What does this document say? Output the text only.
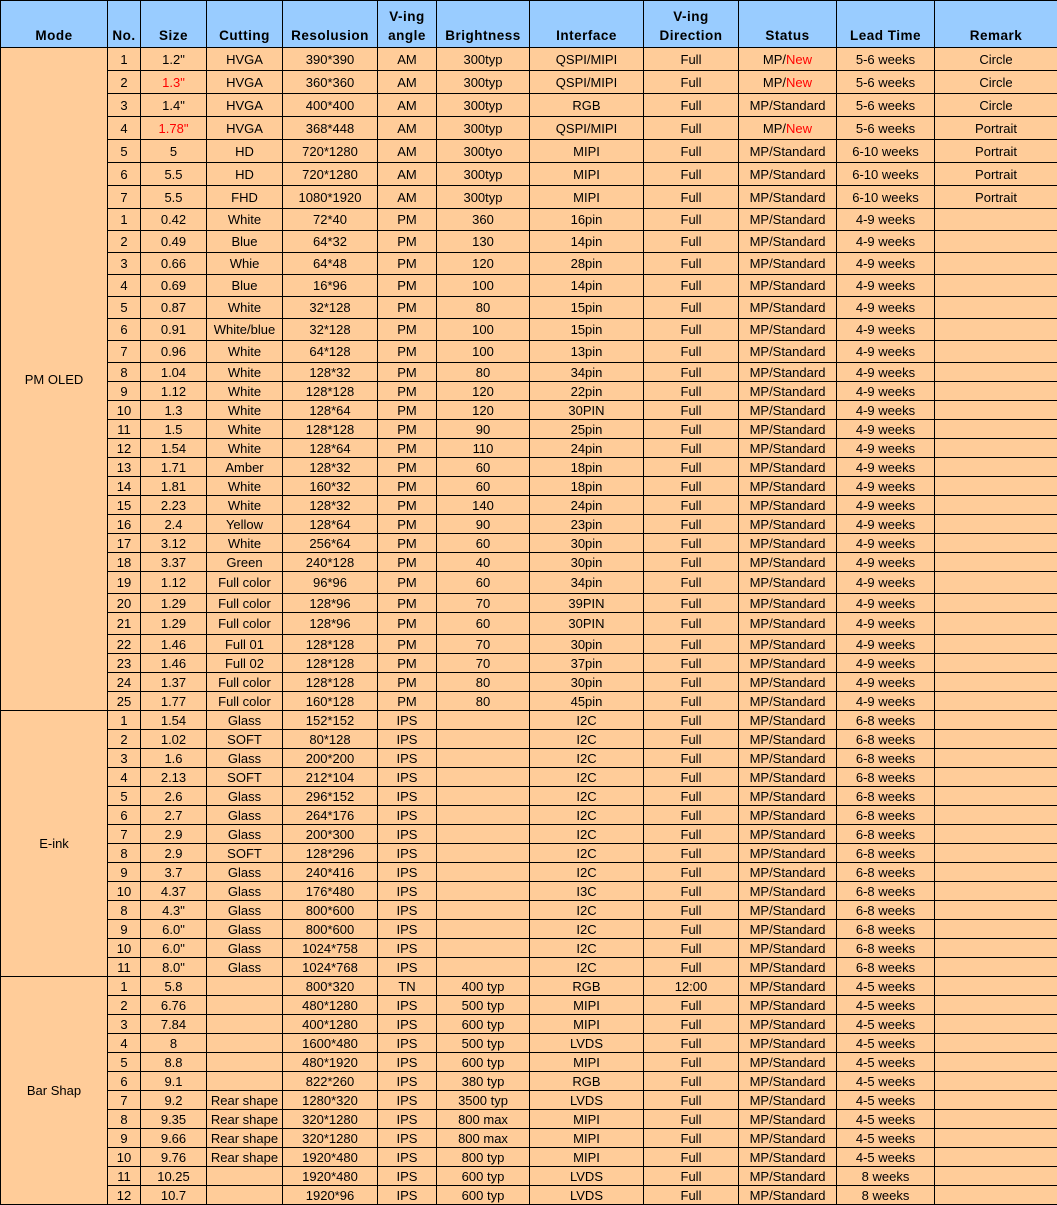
Mode	No.	Size	Cutting	Resolusion	V-ing angle	Brightness	Interface	V-ing Direction	Status	Lead Time	Remark
PM OLED	1	1.2"	HVGA	390*390	AM	300typ	QSPI/MIPI	Full	MP/New	5-6 weeks	Circle
	2	1.3"	HVGA	360*360	AM	300typ	QSPI/MIPI	Full	MP/New	5-6 weeks	Circle
	3	1.4"	HVGA	400*400	AM	300typ	RGB	Full	MP/Standard	5-6 weeks	Circle
	4	1.78"	HVGA	368*448	AM	300typ	QSPI/MIPI	Full	MP/New	5-6 weeks	Portrait
	5	5	HD	720*1280	AM	300tyo	MIPI	Full	MP/Standard	6-10 weeks	Portrait
	6	5.5	HD	720*1280	AM	300typ	MIPI	Full	MP/Standard	6-10 weeks	Portrait
	7	5.5	FHD	1080*1920	AM	300typ	MIPI	Full	MP/Standard	6-10 weeks	Portrait
	1	0.42	White	72*40	PM	360	16pin	Full	MP/Standard	4-9 weeks	
	2	0.49	Blue	64*32	PM	130	14pin	Full	MP/Standard	4-9 weeks	
	3	0.66	Whie	64*48	PM	120	28pin	Full	MP/Standard	4-9 weeks	
	4	0.69	Blue	16*96	PM	100	14pin	Full	MP/Standard	4-9 weeks	
	5	0.87	White	32*128	PM	80	15pin	Full	MP/Standard	4-9 weeks	
	6	0.91	White/blue	32*128	PM	100	15pin	Full	MP/Standard	4-9 weeks	
	7	0.96	White	64*128	PM	100	13pin	Full	MP/Standard	4-9 weeks	
	8	1.04	White	128*32	PM	80	34pin	Full	MP/Standard	4-9 weeks	
	9	1.12	White	128*128	PM	120	22pin	Full	MP/Standard	4-9 weeks	
	10	1.3	White	128*64	PM	120	30PIN	Full	MP/Standard	4-9 weeks	
	11	1.5	White	128*128	PM	90	25pin	Full	MP/Standard	4-9 weeks	
	12	1.54	White	128*64	PM	110	24pin	Full	MP/Standard	4-9 weeks	
	13	1.71	Amber	128*32	PM	60	18pin	Full	MP/Standard	4-9 weeks	
	14	1.81	White	160*32	PM	60	18pin	Full	MP/Standard	4-9 weeks	
	15	2.23	White	128*32	PM	140	24pin	Full	MP/Standard	4-9 weeks	
	16	2.4	Yellow	128*64	PM	90	23pin	Full	MP/Standard	4-9 weeks	
	17	3.12	White	256*64	PM	60	30pin	Full	MP/Standard	4-9 weeks	
	18	3.37	Green	240*128	PM	40	30pin	Full	MP/Standard	4-9 weeks	
	19	1.12	Full color	96*96	PM	60	34pin	Full	MP/Standard	4-9 weeks	
	20	1.29	Full color	128*96	PM	70	39PIN	Full	MP/Standard	4-9 weeks	
	21	1.29	Full color	128*96	PM	60	30PIN	Full	MP/Standard	4-9 weeks	
	22	1.46	Full 01	128*128	PM	70	30pin	Full	MP/Standard	4-9 weeks	
	23	1.46	Full 02	128*128	PM	70	37pin	Full	MP/Standard	4-9 weeks	
	24	1.37	Full color	128*128	PM	80	30pin	Full	MP/Standard	4-9 weeks	
	25	1.77	Full color	160*128	PM	80	45pin	Full	MP/Standard	4-9 weeks	
E-ink	1	1.54	Glass	152*152	IPS		I2C	Full	MP/Standard	6-8 weeks	
	2	1.02	SOFT	80*128	IPS		I2C	Full	MP/Standard	6-8 weeks	
	3	1.6	Glass	200*200	IPS		I2C	Full	MP/Standard	6-8 weeks	
	4	2.13	SOFT	212*104	IPS		I2C	Full	MP/Standard	6-8 weeks	
	5	2.6	Glass	296*152	IPS		I2C	Full	MP/Standard	6-8 weeks	
	6	2.7	Glass	264*176	IPS		I2C	Full	MP/Standard	6-8 weeks	
	7	2.9	Glass	200*300	IPS		I2C	Full	MP/Standard	6-8 weeks	
	8	2.9	SOFT	128*296	IPS		I2C	Full	MP/Standard	6-8 weeks	
	9	3.7	Glass	240*416	IPS		I2C	Full	MP/Standard	6-8 weeks	
	10	4.37	Glass	176*480	IPS		I3C	Full	MP/Standard	6-8 weeks	
	8	4.3"	Glass	800*600	IPS		I2C	Full	MP/Standard	6-8 weeks	
	9	6.0"	Glass	800*600	IPS		I2C	Full	MP/Standard	6-8 weeks	
	10	6.0"	Glass	1024*758	IPS		I2C	Full	MP/Standard	6-8 weeks	
	11	8.0"	Glass	1024*768	IPS		I2C	Full	MP/Standard	6-8 weeks	
Bar Shap	1	5.8		800*320	TN	400 typ	RGB	12:00	MP/Standard	4-5 weeks	
	2	6.76		480*1280	IPS	500 typ	MIPI	Full	MP/Standard	4-5 weeks	
	3	7.84		400*1280	IPS	600 typ	MIPI	Full	MP/Standard	4-5 weeks	
	4	8		1600*480	IPS	500 typ	LVDS	Full	MP/Standard	4-5 weeks	
	5	8.8		480*1920	IPS	600 typ	MIPI	Full	MP/Standard	4-5 weeks	
	6	9.1		822*260	IPS	380 typ	RGB	Full	MP/Standard	4-5 weeks	
	7	9.2	Rear shape	1280*320	IPS	3500 typ	LVDS	Full	MP/Standard	4-5 weeks	
	8	9.35	Rear shape	320*1280	IPS	800 max	MIPI	Full	MP/Standard	4-5 weeks	
	9	9.66	Rear shape	320*1280	IPS	800 max	MIPI	Full	MP/Standard	4-5 weeks	
	10	9.76	Rear shape	1920*480	IPS	800 typ	MIPI	Full	MP/Standard	4-5 weeks	
	11	10.25		1920*480	IPS	600 typ	LVDS	Full	MP/Standard	8 weeks	
	12	10.7		1920*96	IPS	600 typ	LVDS	Full	MP/Standard	8 weeks	
